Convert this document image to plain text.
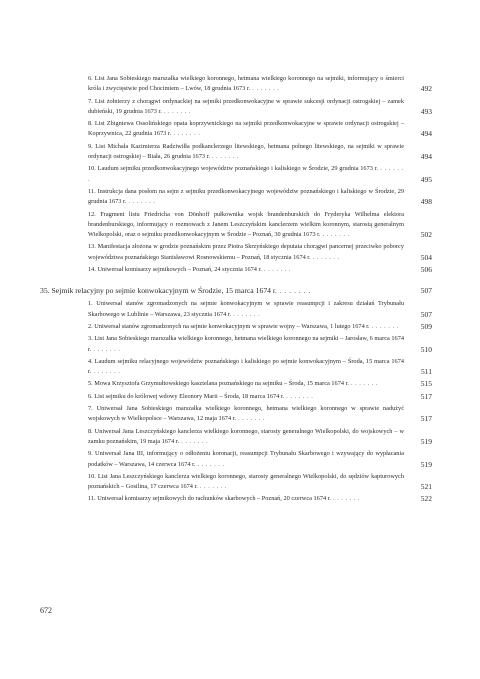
6. List Jana Sobieskiego marszałka wielkiego koronnego, hetmana wielkiego koronnego na sejmiki, informujący o śmierci króla i zwycięstwie pod Chocimiem – Lwów, 18 grudnia 1673 r. . . . . . . .	492
7. List żołnierzy z chorągwi ordynackiej na sejmiki przedkonwokacyjne w sprawie sukcesji ordynacji ostrogskiej – zamek dubieński, 19 grudnia 1673 r. . . . . . . .	493
8. List Zbigniewa Ossolińskiego opata koprzywnickiego na sejmiki przedkonwokacyjne w sprawie ordynacji ostrogskiej – Koprzywnica, 22 grudnia 1673 r. . . . . . . .	494
9. List Michała Kazimierza Radziwiłła podkanclerzego litewskiego, hetmana polnego litewskiego, na sejmiki w sprawie ordynacji ostrogskiej – Biała, 26 grudnia 1673 r. . . . . . . .	494
10. Laudum sejmiku przedkonwokacyjnego województw poznańskiego i kaliskiego w Środzie, 29 grudnia 1673 r. . . . . . . .	495
11. Instrukcja dana posłom na sejm z sejmiku przedkonwokacyjnego województw poznańskiego i kaliskiego w Środzie, 29 grudnia 1673 r. . . . . . . .	498
12. Fragment listu Friedricha von Dönhoff pułkownika wojsk brandenburskich do Fryderyka Wilhelma elektora brandenburskiego, informujący o rozmowach z Janem Leszczyńskim kanclerzem wielkim koronnym, starostą generalnym Wielkopolski, oraz o sejmiku przedkonwokacyjnym w Środzie – Poznań, 30 grudnia 1673 r. . . . . . . .	502
13. Manifestacja złożona w grodzie poznańskim przez Piotra Skrzyńskiego deputata chorągwi pancernej przeciwko poborcy województwa poznańskiego Stanisławowi Rosnowskiemu – Poznań, 18 stycznia 1674 r. . . . . . . .	504
14. Uniwersał komisarzy sejmikowych – Poznań, 24 stycznia 1674 r. . . . . . . .	506
35. Sejmik relacyjny po sejmie konwokacyjnym w Środzie, 15 marca 1674 r. . . . . . . .	507
1. Uniwersał stanów zgromadzonych na sejmie konwokacyjnym w sprawie reasumpcji i zakresu działań Trybunału Skarbowego w Lublinie – Warszawa, 23 stycznia 1674 r. . . . . . . .	507
2. Uniwersał stanów zgromadzonych na sejmie konwokacyjnym w sprawie wojny – Warszawa, 1 lutego 1674 r. . . . . . . .	509
3. List Jana Sobieskiego marszałka wielkiego koronnego, hetmana wielkiego koronnego na sejmiki – Jarosław, 6 marca 1674 r. . . . . . . .	510
4. Laudum sejmiku relacyjnego województw poznańskiego i kaliskiego po sejmie konwokacyjnym – Środa, 15 marca 1674 r. . . . . . . .	511
5. Mowa Krzysztofa Grzymułtowskiego kasztelana poznańskiego na sejmiku – Środa, 15 marca 1674 r. . . . . . . .	515
6. List sejmiku do królowej wdowy Eleonory Marii – Środa, 18 marca 1674 r. . . . . . . .	517
7. Uniwersał Jana Sobieskiego marszałka wielkiego koronnego, hetmana wielkiego koronnego w sprawie nadużyć wojskowych w Wielkopolsce – Warszawa, 12 maja 1674 r. . . . . . . .	517
8. Uniwersał Jana Leszczyńskiego kanclerza wielkiego koronnego, starosty generalnego Wielkopolski, do wojskowych – w zamku poznańskim, 19 maja 1674 r. . . . . . . .	519
9. Uniwersał Jana III, informujący o odłożeniu koronacji, reasumpcji Trybunału Skarbowego i wzywający do wypłacania podatków – Warszawa, 14 czerwca 1674 r. . . . . . . .	519
10. List Jana Leszczyńskiego kanclerza wielkiego koronnego, starosty generalnego Wielkopolski, do sędziów kapturowych poznańskich – Gosilina, 17 czerwca 1674 r. . . . . . . .	521
11. Uniwersał komisarzy sejmikowych do rachunków skarbowych – Poznań, 20 czerwca 1674 r. . . . . . . .	522
672
